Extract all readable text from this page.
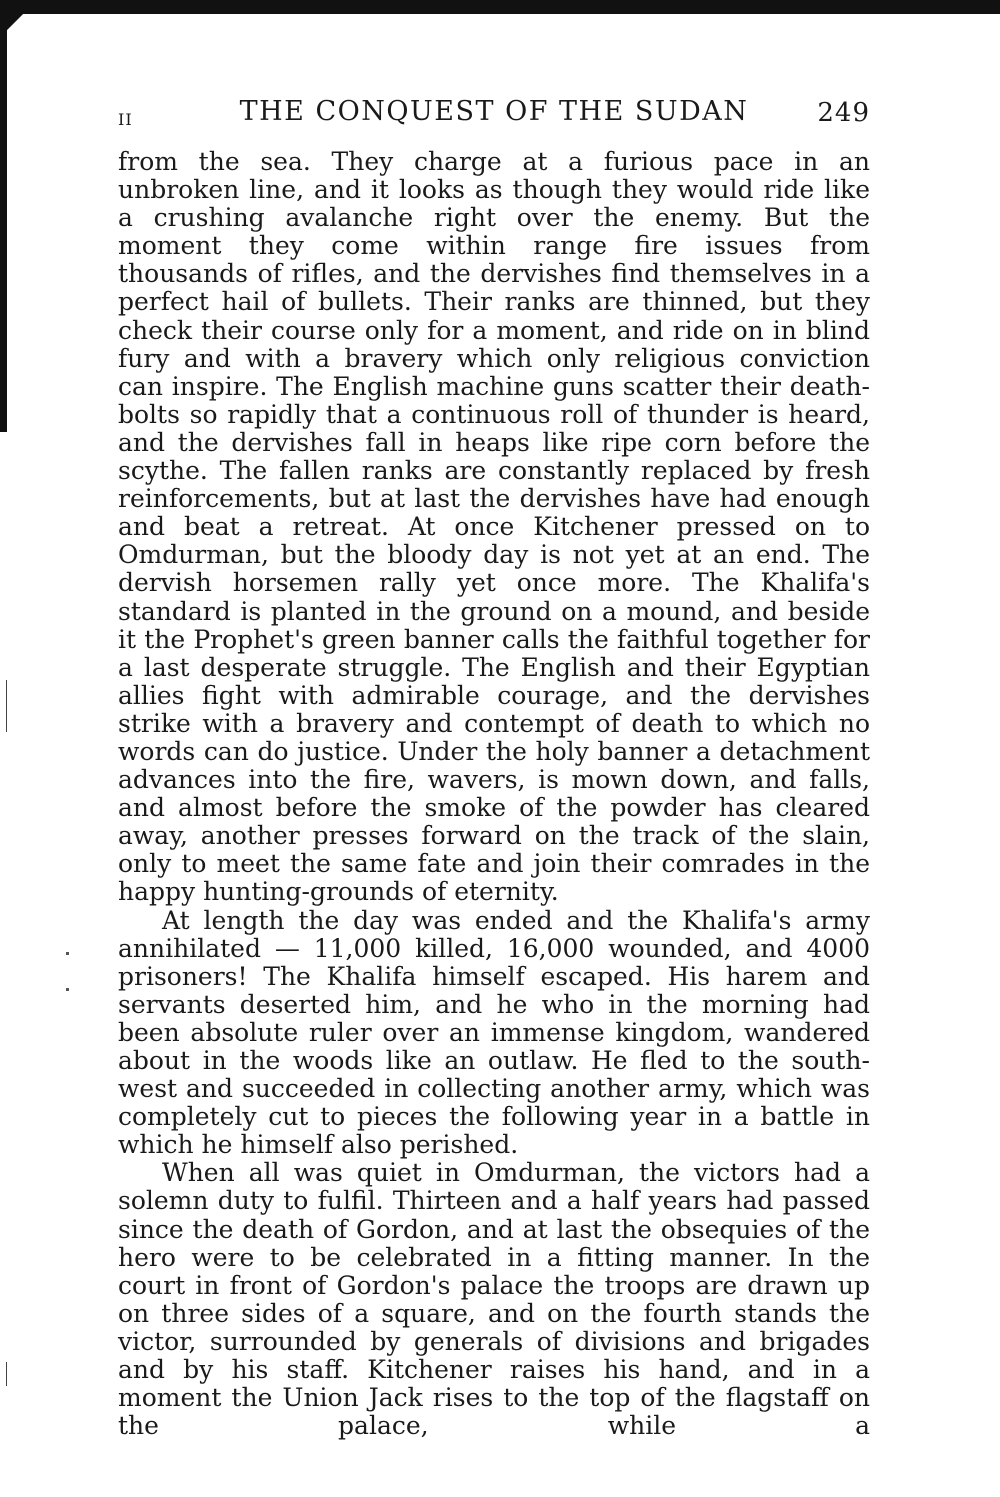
II	THE CONQUEST OF THE SUDAN	249

from the sea. They charge at a furious pace in an unbroken line, and it looks as though they would ride like a crushing avalanche right over the enemy. But the moment they come within range fire issues from thousands of rifles, and the dervishes find themselves in a perfect hail of bullets. Their ranks are thinned, but they check their course only for a moment, and ride on in blind fury and with a bravery which only religious conviction can inspire. The English machine guns scatter their death-bolts so rapidly that a continuous roll of thunder is heard, and the dervishes fall in heaps like ripe corn before the scythe. The fallen ranks are constantly replaced by fresh reinforcements, but at last the dervishes have had enough and beat a retreat. At once Kitchener pressed on to Omdurman, but the bloody day is not yet at an end. The dervish horsemen rally yet once more. The Khalifa's standard is planted in the ground on a mound, and beside it the Prophet's green banner calls the faithful together for a last desperate struggle. The English and their Egyptian allies fight with admirable courage, and the dervishes strike with a bravery and contempt of death to which no words can do justice. Under the holy banner a detachment advances into the fire, wavers, is mown down, and falls, and almost before the smoke of the powder has cleared away, another presses forward on the track of the slain, only to meet the same fate and join their comrades in the happy hunting-grounds of eternity.

At length the day was ended and the Khalifa's army annihilated — 11,000 killed, 16,000 wounded, and 4000 prisoners! The Khalifa himself escaped. His harem and servants deserted him, and he who in the morning had been absolute ruler over an immense kingdom, wandered about in the woods like an outlaw. He fled to the south-west and succeeded in collecting another army, which was completely cut to pieces the following year in a battle in which he himself also perished.

When all was quiet in Omdurman, the victors had a solemn duty to fulfil. Thirteen and a half years had passed since the death of Gordon, and at last the obsequies of the hero were to be celebrated in a fitting manner. In the court in front of Gordon's palace the troops are drawn up on three sides of a square, and on the fourth stands the victor, surrounded by generals of divisions and brigades and by his staff. Kitchener raises his hand, and in a moment the Union Jack rises to the top of the flagstaff on the palace, while a
